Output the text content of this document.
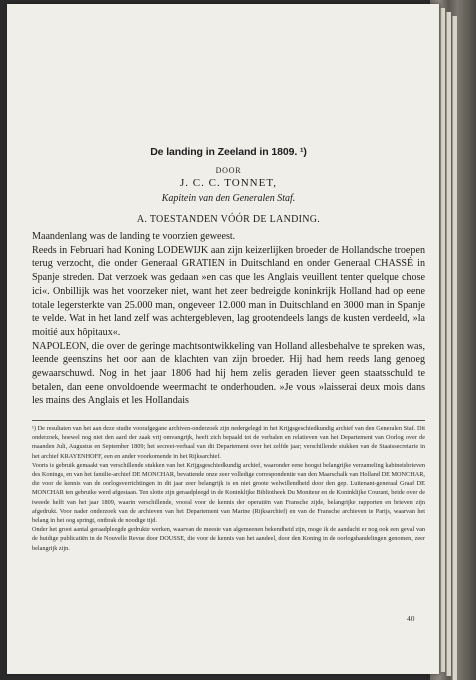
De landing in Zeeland in 1809. ¹)
DOOR
J. C. C. TONNET,
Kapitein van den Generalen Staf.
A. TOESTANDEN VÓÓR DE LANDING.

Maandenlang was de landing te voorzien geweest.

Reeds in Februari had Koning LODEWIJK aan zijn keizerlijken broeder de Hollandsche troepen terug verzocht, die onder Generaal GRATIEN in Duitschland en onder Generaal CHASSÉ in Spanje streden. Dat verzoek was gedaan »en cas que les Anglais veuillent tenter quelque chose ici«. Onbillijk was het voorzeker niet, want het zeer bedreigde koninkrijk Holland had op eene totale legersterkte van 25.000 man, ongeveer 12.000 man in Duitschland en 3000 man in Spanje te velde. Wat in het land zelf was achtergebleven, lag grootendeels langs de kusten verdeeld, »la moitié aux hôpitaux«.

NAPOLEON, die over de geringe machtsontwikkeling van Holland allesbehalve te spreken was, leende geenszins het oor aan de klachten van zijn broeder. Hij had hem reeds lang genoeg gewaarschuwd. Nog in het jaar 1806 had hij hem zelis geraden liever geen staatsschuld te betalen, dan eene onvoldoende weermacht te onderhouden. »Je vous »laisserai deux mois dans les mains des Anglais et les Hollandais

¹) De resultaten van het aan deze studie voorafgegane archiven-onderzoek zijn nedergelegd in het Krijgsgeschiedkundig archief van den Generalen Staf. Dit onderzoek, hoewel nog niet den aard der zaak vrij omvangrijk, heeft zich bepaald tot de verbalen en relatieven van het Departement van Oorlog over de maanden Juli, Augustus en September 1809; het secreet-verbaal van dit Departement over het zelfde jaar; verschillende stukken van de Staatssecretarie in het archief KRAYENHOFF, een en ander voorkomende in het Rijksarchief.

Voorts is gebruik gemaakt van verschillende stukken van het Krijgsgeschiedkundig archief, waaronder eene hoogst belangrijke verzameling kabinetsbrieven des Konings, en van het familie-archief DE MONCHAR, bevattende onze zeer volledige correspondentie van den Maarschalk van Holland DE MONCHAR, die voor de kennis van de oorlogsverrichtingen in dit jaar zeer belangrijk is en niet groote welwillendheid door den gep. Luitenant-generaal Graaf DE MONCHAR ten gebruike werd afgestaan. Ten slotte zijn geraadpleegd in de Koninklijke Bibliotheek Du Moniteur en de Koninklijke Courant, beide over de tweede helft van het jaar 1809, waarin verschillende, vooral voor de kennis der operatiën van Fransche zijde, belangrijke rapporten en brieven zijn afgedrukt. Voor nader onderzoek van de archieven van het Departement van Marine (Rijksarchief) en van de Fransche archieven te Parijs, waarvan het belang in het oog springt, ontbrak de noodige tijd.

Onder het groot aantal geraadpleegde gedrukte werken, waarvan de meeste van algemeenen bekendheid zijn, moge ik de aandacht er nog ook een geval van de huidige publicatiën in de Nouvelle Revue door DOUSSE, die voor de kennis van het aandeel, door den Koning in de oorlogshandelingen genomen, zeer belangrijk zijn.

40
